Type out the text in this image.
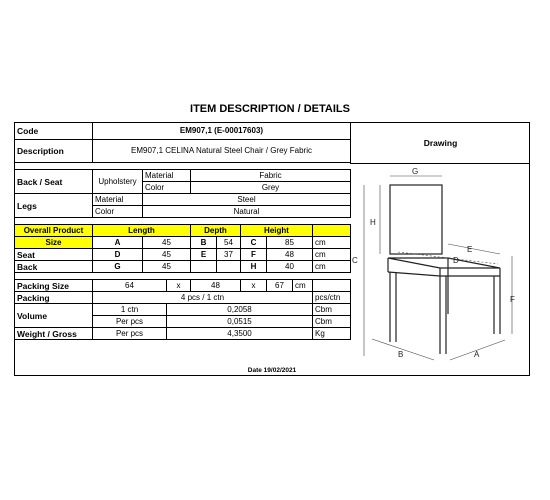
ITEM DESCRIPTION / DETAILS
Code	EM907,1 (E-00017603)								
Description	EM907,1 CELINA Natural Steel Chair / Grey Fabric								

Back / Seat	Upholstery	Material		Fabric					
		Color		Grey					
Legs	Material	Steel							
	Color	Natural							

Overall Product	Length			Depth		Height			
Size	A	45		B	54	C	85		cm
Seat	D	45		E	37	F	48		cm
Back	G	45				H	40		cm

Packing Size	64		x	48		x	67	cm	
Packing	4 pcs / 1 ctn								pcs/ctn
Volume	1 ctn		0,2058						Cbm
	Per pcs		0,0515						Cbm
Weight / Gross	Per pcs		4,3500						Kg
Drawing
G
H
C	D
E
F
B	A
Date 19/02/2021
